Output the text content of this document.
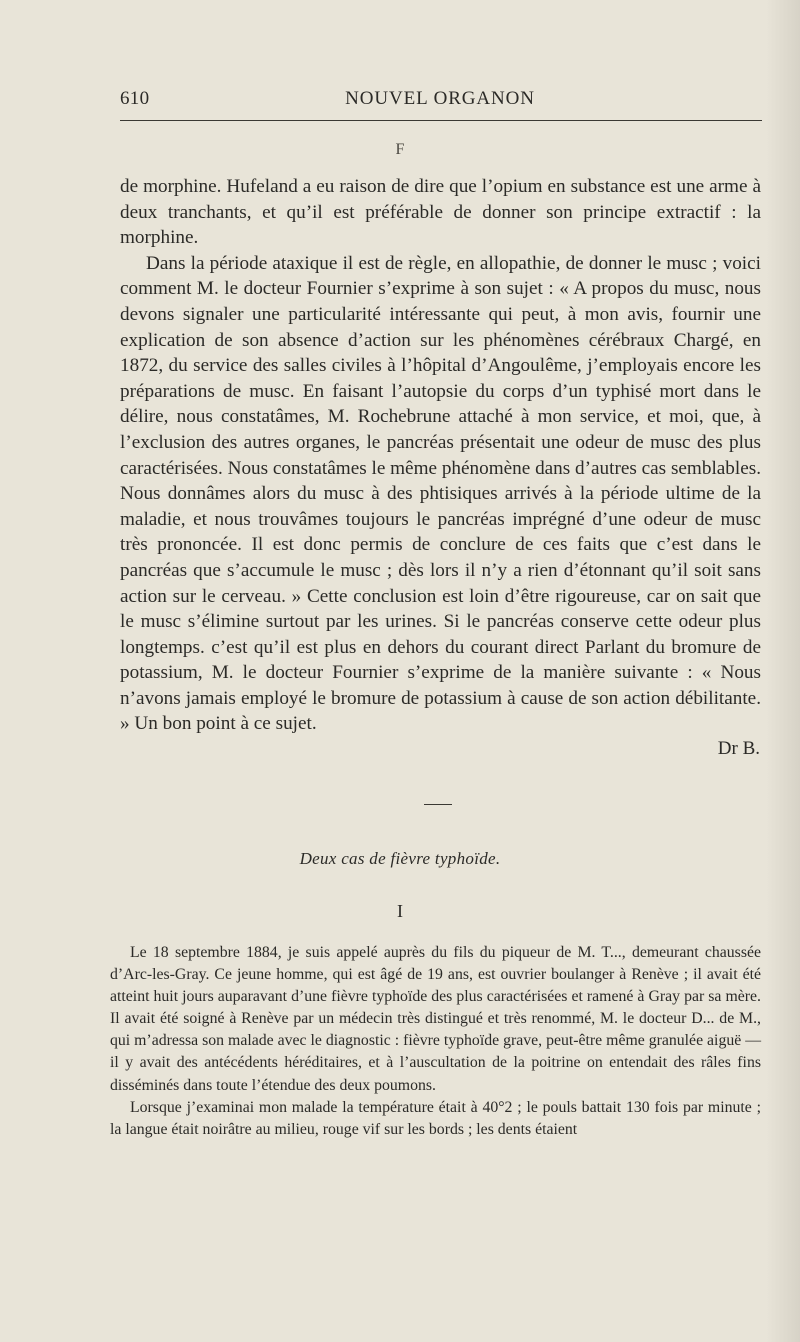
610	NOUVEL ORGANON
F

de morphine. Hufeland a eu raison de dire que l’opium en substance est une arme à deux tranchants, et qu’il est préférable de donner son principe extractif : la morphine.

Dans la période ataxique il est de règle, en allopathie, de donner le musc ; voici comment M. le docteur Fournier s’exprime à son sujet : « A propos du musc, nous devons signaler une particularité intéressante qui peut, à mon avis, fournir une explication de son absence d’action sur les phénomènes cérébraux Chargé, en 1872, du service des salles civiles à l’hôpital d’Angoulême, j’employais encore les préparations de musc. En faisant l’autopsie du corps d’un typhisé mort dans le délire, nous constatâmes, M. Rochebrune attaché à mon service, et moi, que, à l’exclusion des autres organes, le pancréas présentait une odeur de musc des plus caractérisées. Nous constatâmes le même phénomène dans d’autres cas semblables. Nous donnâmes alors du musc à des phtisiques arrivés à la période ultime de la maladie, et nous trouvâmes toujours le pancréas imprégné d’une odeur de musc très prononcée. Il est donc permis de conclure de ces faits que c’est dans le pancréas que s’accumule le musc ; dès lors il n’y a rien d’étonnant qu’il soit sans action sur le cerveau. » Cette conclusion est loin d’être rigoureuse, car on sait que le musc s’élimine surtout par les urines. Si le pancréas conserve cette odeur plus longtemps. c’est qu’il est plus en dehors du courant direct Parlant du bromure de potassium, M. le docteur Fournier s’exprime de la manière suivante : « Nous n’avons jamais employé le bromure de potassium à cause de son action débilitante. » Un bon point à ce sujet.

Dr B.
Deux cas de fièvre typhoïde.
I

Le 18 septembre 1884, je suis appelé auprès du fils du piqueur de M. T..., demeurant chaussée d’Arc-les-Gray. Ce jeune homme, qui est âgé de 19 ans, est ouvrier boulanger à Renève ; il avait été atteint huit jours auparavant d’une fièvre typhoïde des plus caractérisées et ramené à Gray par sa mère. Il avait été soigné à Renève par un médecin très distingué et très renommé, M. le docteur D... de M., qui m’adressa son malade avec le diagnostic : fièvre typhoïde grave, peut-être même granulée aiguë — il y avait des antécédents héréditaires, et à l’auscultation de la poitrine on entendait des râles fins disséminés dans toute l’étendue des deux poumons.

Lorsque j’examinai mon malade la température était à 40°2 ; le pouls battait 130 fois par minute ; la langue était noirâtre au milieu, rouge vif sur les bords ; les dents étaient
